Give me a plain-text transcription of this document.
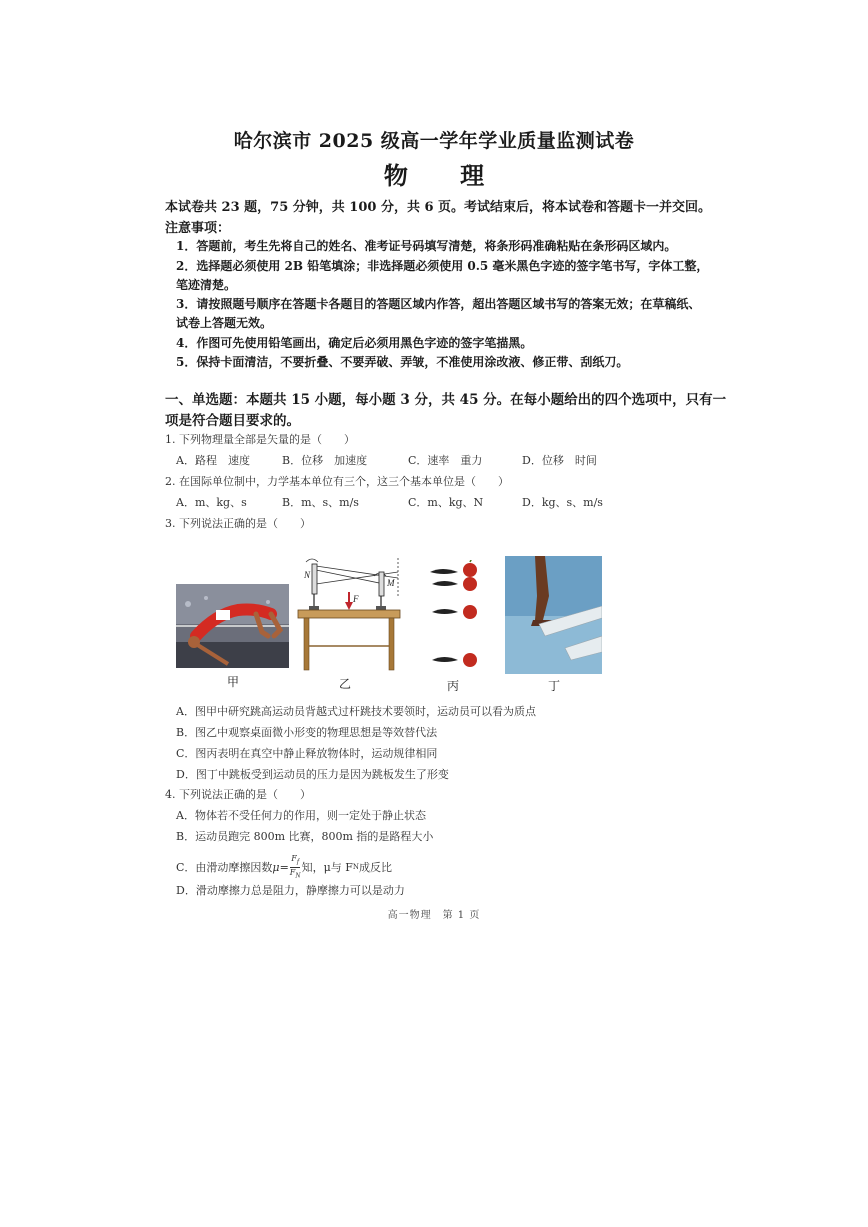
哈尔滨市 2025 级高一学年学业质量监测试卷
物 理
本试卷共 23 题，75 分钟，共 100 分，共 6 页。考试结束后，将本试卷和答题卡一并交回。
注意事项：
1．答题前，考生先将自己的姓名、准考证号码填写清楚，将条形码准确粘贴在条形码区域内。
2．选择题必须使用 2B 铅笔填涂；非选择题必须使用 0.5 毫米黑色字迹的签字笔书写，字体工整，
笔迹清楚。
3．请按照题号顺序在答题卡各题目的答题区域内作答，超出答题区域书写的答案无效；在草稿纸、
试卷上答题无效。
4．作图可先使用铅笔画出，确定后必须用黑色字迹的签字笔描黑。
5．保持卡面清洁，不要折叠、不要弄破、弄皱，不准使用涂改液、修正带、刮纸刀。
一、单选题：本题共 15 小题，每小题 3 分，共 45 分。在每小题给出的四个选项中，只有一
项是符合题目要求的。
1. 下列物理量全部是矢量的是（　　）
A．路程　速度	B．位移　加速度	C．速率　重力	D．位移　时间
2. 在国际单位制中，力学基本单位有三个，这三个基本单位是（　　）
A．m、kg、s	B．m、s、m/s	C．m、kg、N	D．kg、s、m/s
3. 下列说法正确的是（　　）
甲
N
M
F
乙	丙	丁
A．图甲中研究跳高运动员背越式过杆跳技术要领时，运动员可以看为质点
B．图乙中观察桌面微小形变的物理思想是等效替代法
C．图丙表明在真空中静止释放物体时，运动规律相同
D．图丁中跳板受到运动员的压力是因为跳板发生了形变
4. 下列说法正确的是（　　）
A．物体若不受任何力的作用，则一定处于静止状态
B．运动员跑完 800m 比赛，800m 指的是路程大小
C．由滑动摩擦因数 $\mu= \frac{F_f}{F_N}$ 知，μ与 F N 成反比
D．滑动摩擦力总是阻力，静摩擦力可以是动力
高一物理　第 1 页
